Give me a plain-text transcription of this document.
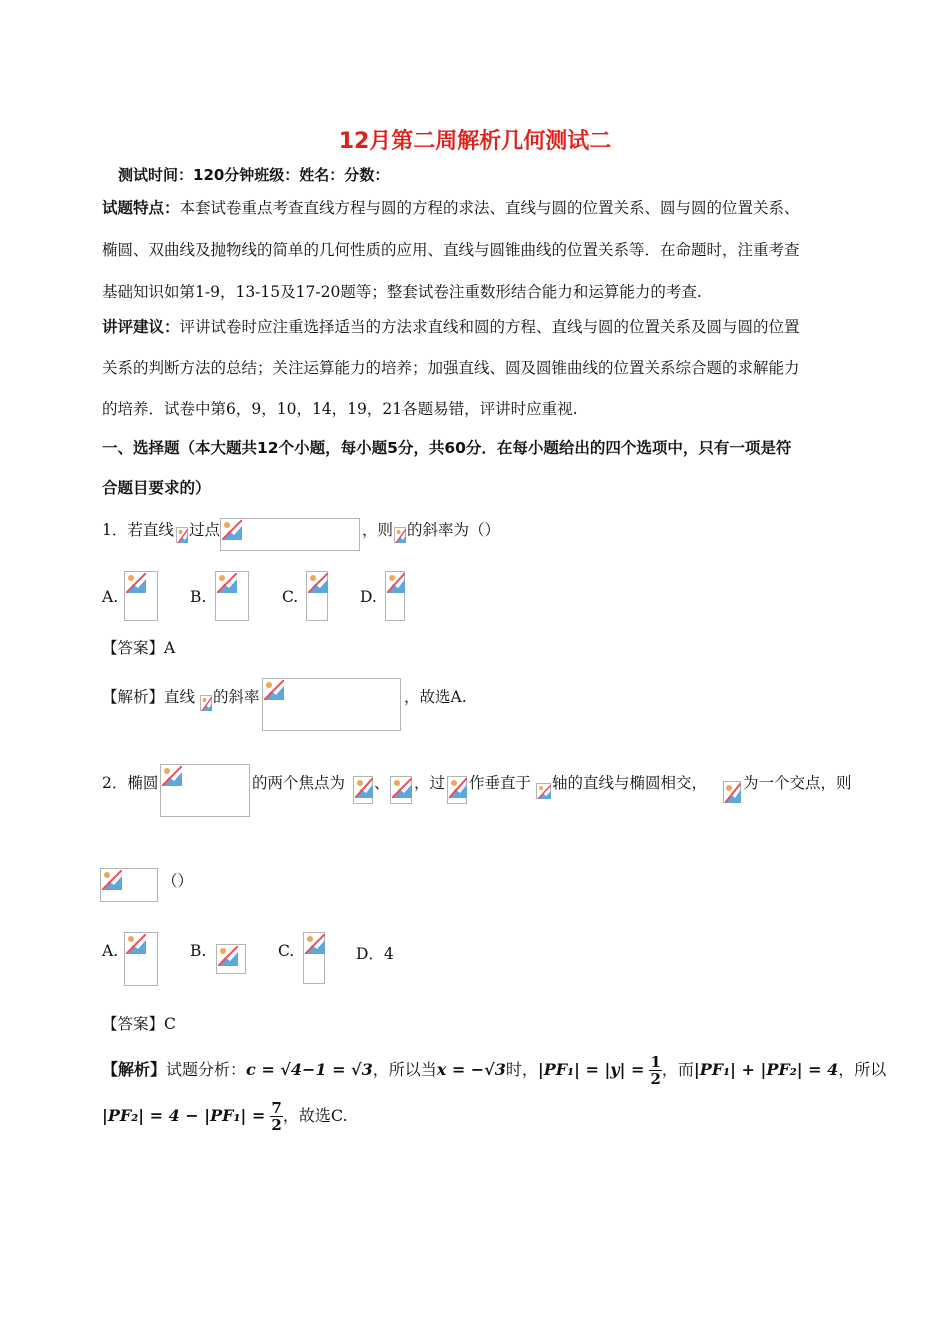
12月第二周解析几何测试二
测试时间：120分钟班级：姓名：分数：
试题特点：本套试卷重点考查直线方程与圆的方程的求法、直线与圆的位置关系、圆与圆的位置关系、
椭圆、双曲线及抛物线的简单的几何性质的应用、直线与圆锥曲线的位置关系等．在命题时，注重考查
基础知识如第1-9，13-15及17-20题等；整套试卷注重数形结合能力和运算能力的考查.
讲评建议：评讲试卷时应注重选择适当的方法求直线和圆的方程、直线与圆的位置关系及圆与圆的位置
关系的判断方法的总结；关注运算能力的培养；加强直线、圆及圆锥曲线的位置关系综合题的求解能力
的培养．试卷中第6，9，10，14，19，21各题易错，评讲时应重视.
一、选择题（本大题共12个小题，每小题5分，共60分．在每小题给出的四个选项中，只有一项是符
合题目要求的）
1．若直线 过点	，则 的斜率为（）
A.	B.	C.	D.
【答案】A
【解析】直线 的斜率	，故选A.
2．椭圆	的两个焦点为 、 ，过 作垂直于 轴的直线与椭圆相交， 为一个交点，则
（）
A.	B.	C.	D．4
【答案】C
【解析】试题分析：c = √4−1 = √3，所以当x = −√3时，$|PF_1| = |y| = \frac{1}{2}$ ，而|PF₁| + |PF₂| = 4，所以
$|PF_2| = 4 - |PF_1| = \frac{7}{2}$ ，故选C.
